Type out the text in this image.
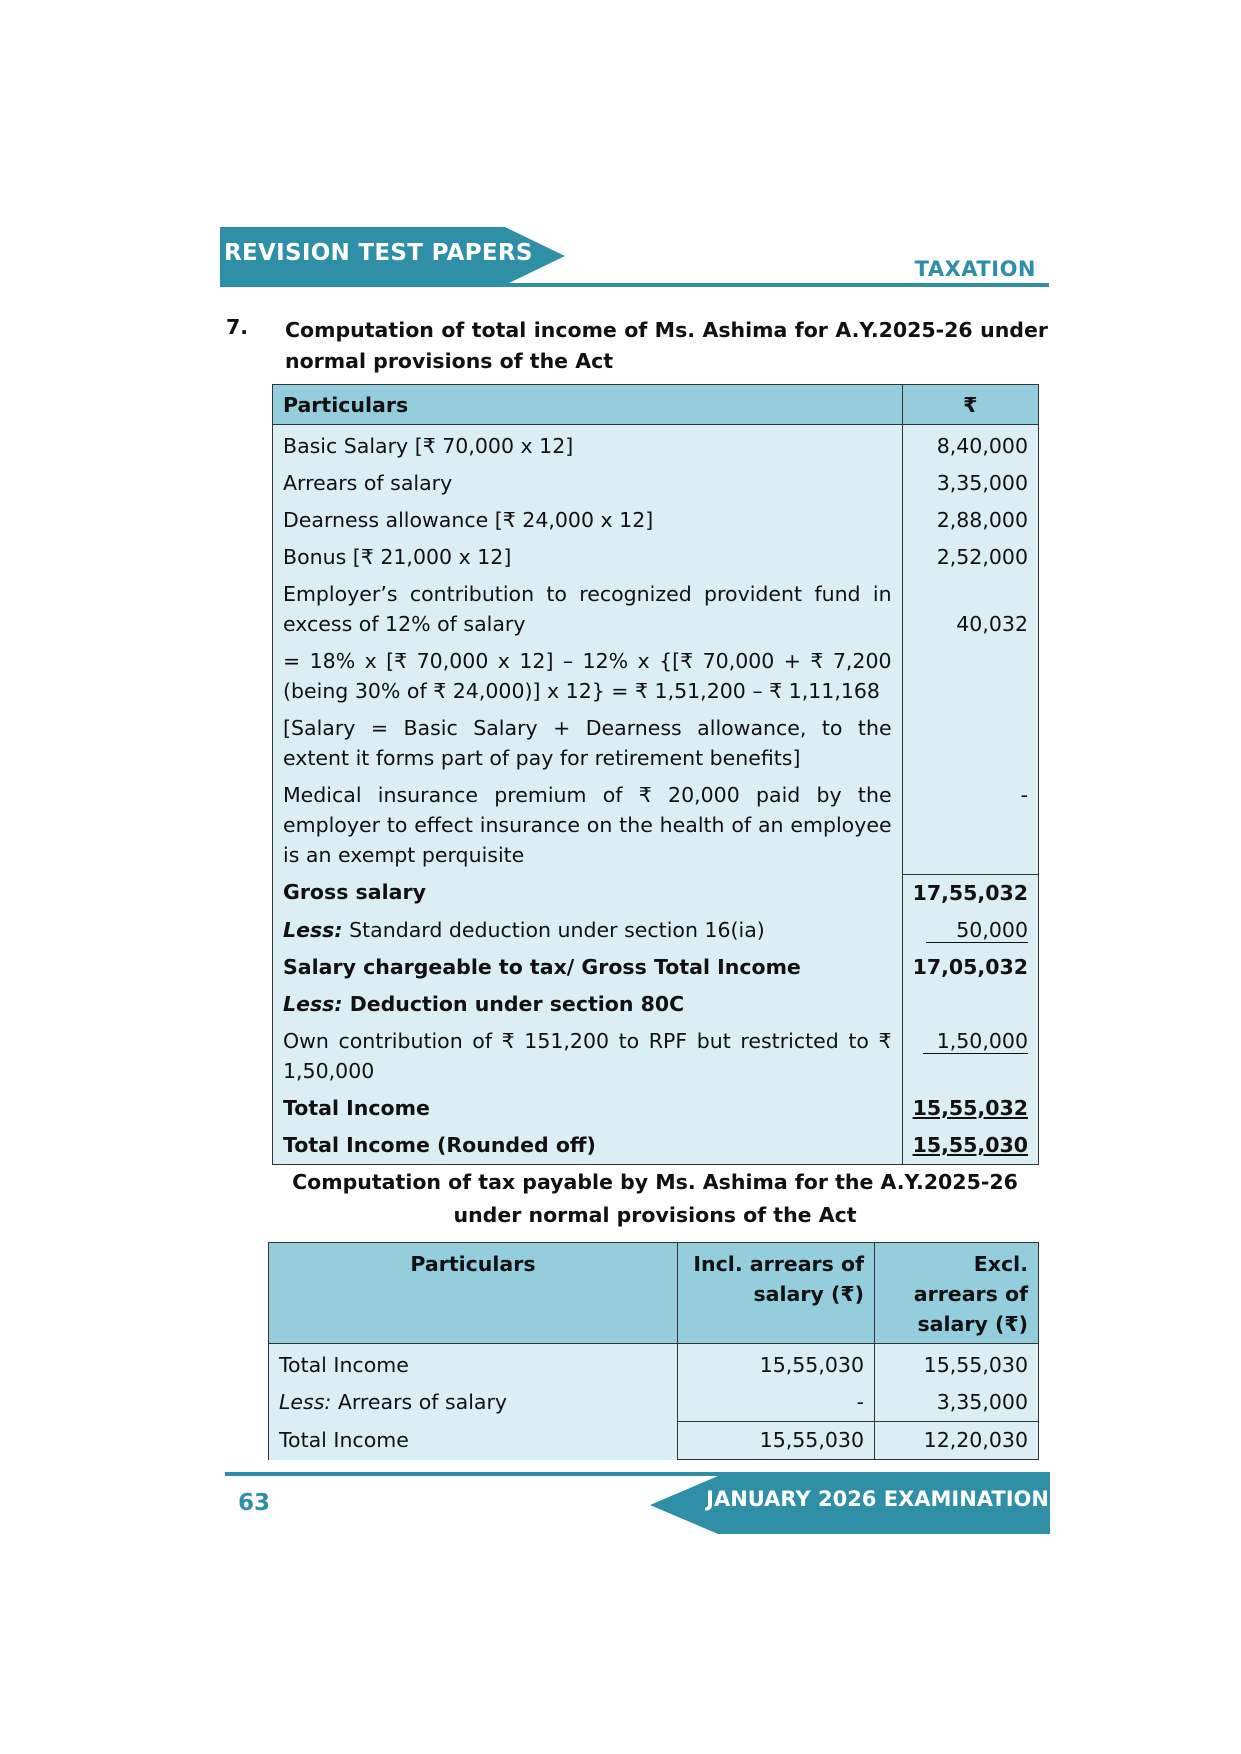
REVISION TEST PAPERS
TAXATION
7. Computation of total income of Ms. Ashima for A.Y.2025-26 under normal provisions of the Act
Particulars	₹
Basic Salary [₹ 70,000 x 12]	8,40,000
Arrears of salary	3,35,000
Dearness allowance [₹ 24,000 x 12]	2,88,000
Bonus [₹ 21,000 x 12]	2,52,000
Employer’s contribution to recognized provident fund in excess of 12% of salary	40,032
= 18% x [₹ 70,000 x 12] – 12% x {[₹ 70,000 + ₹ 7,200 (being 30% of ₹ 24,000)] x 12} = ₹ 1,51,200 – ₹ 1,11,168	
[Salary = Basic Salary + Dearness allowance, to the extent it forms part of pay for retirement benefits]	
Medical insurance premium of ₹ 20,000 paid by the employer to effect insurance on the health of an employee is an exempt perquisite	-
Gross salary	17,55,032
Less: Standard deduction under section 16(ia)	50,000
Salary chargeable to tax/ Gross Total Income	17,05,032
Less: Deduction under section 80C	
Own contribution of ₹ 151,200 to RPF but restricted to ₹ 1,50,000	1,50,000
Total Income	15,55,032
Total Income (Rounded off)	15,55,030
Computation of tax payable by Ms. Ashima for the A.Y.2025-26 under normal provisions of the Act
Particulars	Incl. arrears of salary (₹)	Excl. arrears of salary (₹)
Total Income	15,55,030	15,55,030
Less: Arrears of salary	-	3,35,000
Total Income	15,55,030	12,20,030
63	JANUARY 2026 EXAMINATION
